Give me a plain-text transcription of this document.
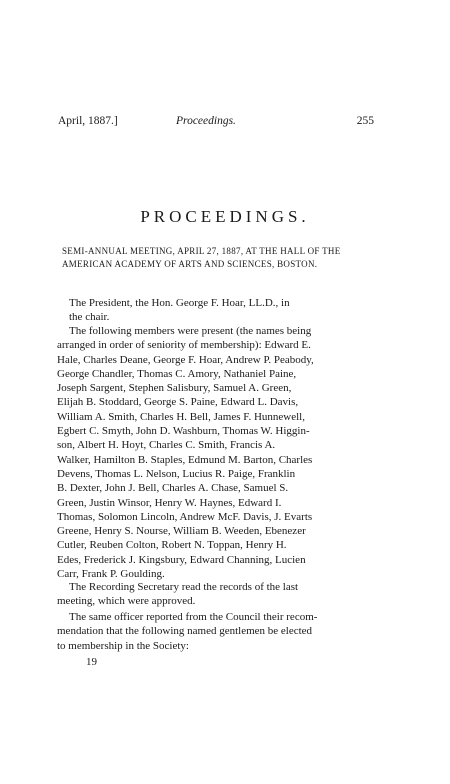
April, 1887.]	Proceedings.	255
PROCEEDINGS.
SEMI-ANNUAL MEETING, APRIL 27, 1887, AT THE HALL OF THE
AMERICAN ACADEMY OF ARTS AND SCIENCES, BOSTON.
The President, the Hon. George F. Hoar, LL.D., in
the chair.
The following members were present (the names being
arranged in order of seniority of membership): Edward E.
Hale, Charles Deane, George F. Hoar, Andrew P. Peabody,
George Chandler, Thomas C. Amory, Nathaniel Paine,
Joseph Sargent, Stephen Salisbury, Samuel A. Green,
Elijah B. Stoddard, George S. Paine, Edward L. Davis,
William A. Smith, Charles H. Bell, James F. Hunnewell,
Egbert C. Smyth, John D. Washburn, Thomas W. Higgin-
son, Albert H. Hoyt, Charles C. Smith, Francis A.
Walker, Hamilton B. Staples, Edmund M. Barton, Charles
Devens, Thomas L. Nelson, Lucius R. Paige, Franklin
B. Dexter, John J. Bell, Charles A. Chase, Samuel S.
Green, Justin Winsor, Henry W. Haynes, Edward I.
Thomas, Solomon Lincoln, Andrew McF. Davis, J. Evarts
Greene, Henry S. Nourse, William B. Weeden, Ebenezer
Cutler, Reuben Colton, Robert N. Toppan, Henry H.
Edes, Frederick J. Kingsbury, Edward Channing, Lucien
Carr, Frank P. Goulding.
The Recording Secretary read the records of the last
meeting, which were approved.
The same officer reported from the Council their recom-
mendation that the following named gentlemen be elected
to membership in the Society:
19
